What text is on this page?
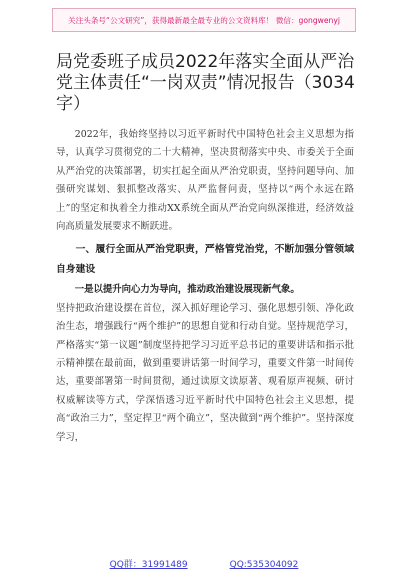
关注头条号“公文研究”，获得最新最全最专业的公文资料库！ 微信：gongwenyj
局党委班子成员2022年落实全面从严治党主体责任“一岗双责”情况报告（3034字）

2022年，我始终坚持以习近平新时代中国特色社会主义思想为指导，认真学习贯彻党的二十大精神，坚决贯彻落实中央、市委关于全面从严治党的决策部署，切实扛起全面从严治党职责，坚持问题导向、加强研究谋划、狠抓整改落实、从严监督问责，坚持以“两个永远在路上”的坚定和执着全力推动XX系统全面从严治党向纵深推进，经济效益向高质量发展要求不断跃进。

一、履行全面从严治党职责，严格管党治党，不断加强分管领域自身建设

一是以提升向心力为导向，推动政治建设展现新气象。

坚持把政治建设摆在首位，深入抓好理论学习、强化思想引领、净化政治生态，增强践行“两个维护”的思想自觉和行动自觉。坚持规范学习，严格落实“第一议题”制度坚持把学习习近平总书记的重要讲话和指示批示精神摆在最前面，做到重要讲话第一时间学习，重要文件第一时间传达，重要部署第一时间贯彻，通过读原文读原著、观看原声视频、研讨权威解读等方式，学深悟透习近平新时代中国特色社会主义思想，提高“政治三力”，坚定捍卫“两个确立”，坚决做到“两个维护”。坚持深度学习，

QQ群：31991489	QQ:535304092
